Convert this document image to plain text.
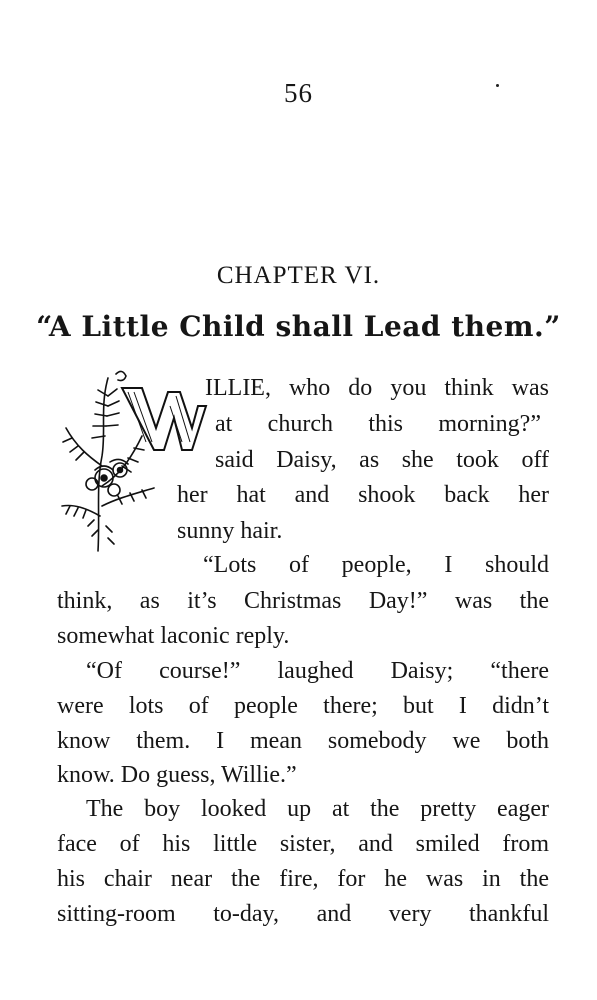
56
CHAPTER VI.
“A Little Child shall Lead them.”
ILLIE, who do you think was
at church this morning?”
said Daisy, as she took off
her hat and shook back her
sunny hair.
“Lots of people, I should
think, as it’s Christmas Day!” was the
somewhat laconic reply.
“Of course!” laughed Daisy; “there
were lots of people there; but I didn’t
know them. I mean somebody we both
know. Do guess, Willie.”
The boy looked up at the pretty eager
face of his little sister, and smiled from
his chair near the fire, for he was in the
sitting-room to-day, and very thankful
